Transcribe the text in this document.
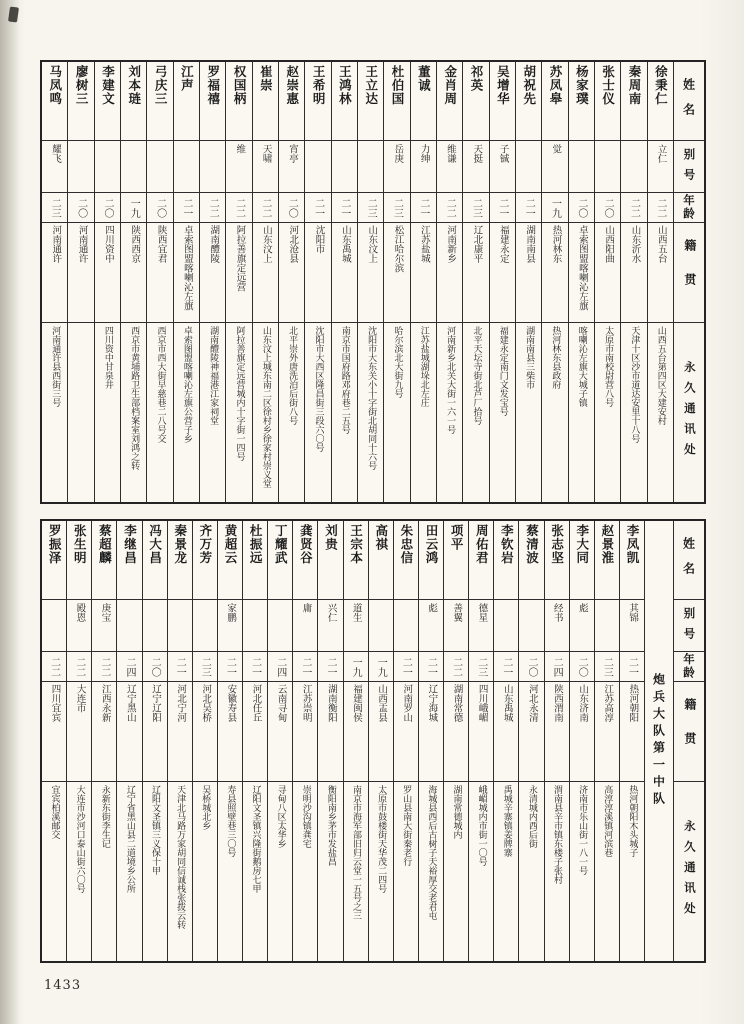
姓名
别号
年龄
籍贯
永久通讯处
徐秉仁
立仁
二二
山西五台
山西五台第四区大建安村
秦周南
二二
山东沂水
天津十区沙市道达安里十八号
张士仪
二〇
山西阳曲
太原市南校尉营八号
杨家璞
二〇
卓索图盟喀喇沁左旗
喀喇沁左旗大城子镇
苏凤皋
觉
一九
热河林东
热河林东县政府
胡祝先
二一
湖南南县
湖南南县三柴市
吴增华
子铖
二一
福建永定
福建永定南门文发宝号
祁英
天挺
二三
辽北康平
北平天坛寺街北芦厂拾号
金肖周
维谦
二二
河南新乡
河南新乡北关大街一六一号
董诚
力绅
二一
江苏盐城
江苏盐城湖垛北左庄
杜伯国
岳庚
二三
松江哈尔滨
哈尔滨北大街九号
王立达
二三
山东汶上
沈阳市大东关小十字街北胡同十六号
王鸿林
二一
山东禹城
南京市国府路邓府巷二五号
王希明
二一
沈阳市
沈阳市大西区隆昌街三段六〇号
赵崇惠
宵亭
二〇
河北沧县
北平崇外唐洗泊后街八号
崔崇
天啸
二二
山东汶上
山东汶上城东南二区徐村乡徐家村崇义堂
权国柄
维
二二
阿拉善旗定远营
阿拉善旗定远营城内十字街一四号
罗福禧
二二
湖南醴陵
湖南醴陵神福港江家祠堂
江声
二一
卓索图盟喀喇沁左旗
卓索图盟喀喇沁左旗公营子乡
弓庆三
二〇
陕西宜君
西京市西大街早慈巷二八号交
刘本琏
一九
陕西西京
西京市黄埔路卫生部档案室刘鸿之转
李建文
二〇
四川资中
四川资中甘泉井
廖树三
二〇
河南通许
马凤鸣
耀飞
二三
河南通许
河南通许县西街三号
姓名
别号
年龄
籍贯
永久通讯处
炮兵大队第一中队
李凤凯
其锦
二一
热河朝阳
热河朝阳木头城子
赵景淮
二三
江苏高淳
高淳淳溪镇河滨巷
李大同
彪
二〇
山东济南
济南市乐山街一八一号
张志坚
经书
二四
陕西渭南
渭南县辛市镇东楼子张村
蔡清波
二〇
河北永清
永清城内西后街
李钦岩
二一
山东禹城
禹城辛寨镇姜牌寨
周佑君
德星
二三
四川峨嵋
峨嵋城内市街一〇号
项平
善翼
二二
湖南常德
湖南常德城内
田云鸿
彪
二一
辽宁海城
海城县西后古树子天裕厚交老君屯
朱忠信
二一
河南罗山
罗山县南大街秦老行
高祺
一九
山西盂县
太原市鼓楼街天华茂二四号
王宗本
道生
一九
福建闽侯
南京市海军部旧归云堂一五号之三
刘贵
兴仁
二一
湖南衡阳
衡阳南乡茅市发盐昌
龚贤谷
庸
二一
江苏崇明
崇明沙沟镇龚宅
丁耀武
二四
云南寻甸
寻甸八区太华乡
杜振远
二一
河北任丘
辽阳文圣镇兴隆街鹅房七甲
黄超云
家鹏
二一
安徽寿县
寿县照壁巷三〇号
齐万芳
二三
河北吴桥
吴桥城北乡
秦景龙
二一
河北宁河
天津北马路万家胡同信诚栈张拨云转
冯大昌
二〇
辽宁辽阳
辽阳文圣镇三义保十甲
李继昌
二四
辽宁黑山
辽宁省黑山县二道境乡公所
蔡超麟
庚宝
二二
江西永新
永新东街李生记
张生明
殿恩
二二
大连市
大连市沙河口泰山街六〇号
罗振泽
二二
四川宜宾
宜宾柏溪邮交
1433
